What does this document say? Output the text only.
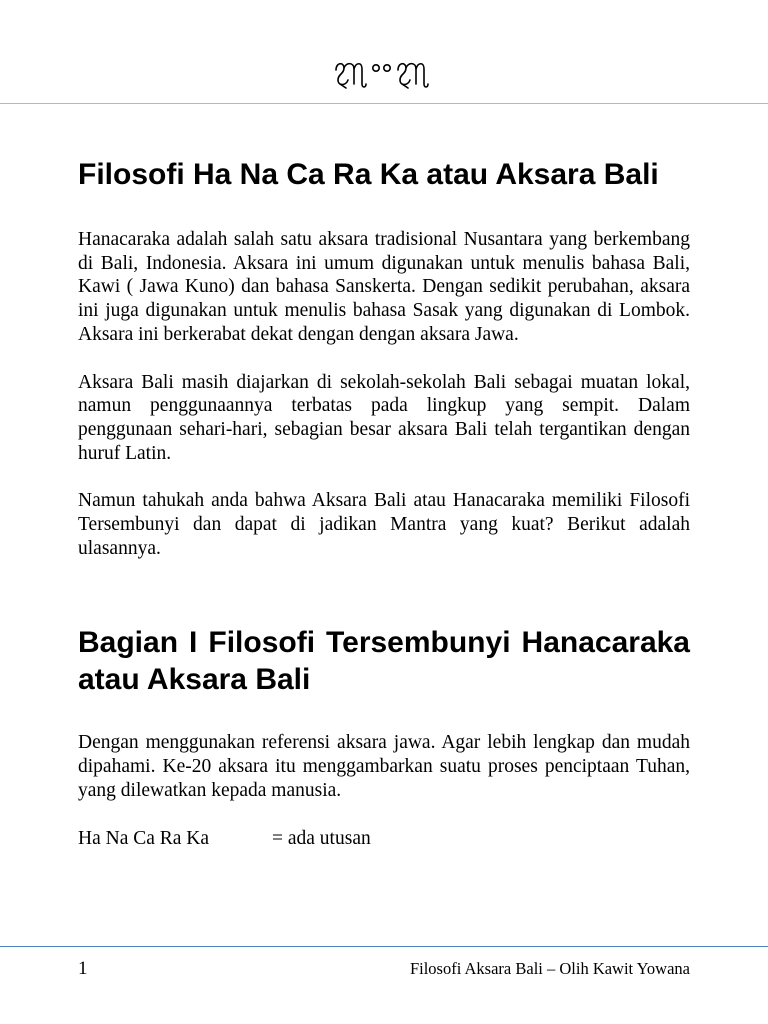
Filosofi Ha Na Ca Ra Ka atau Aksara Bali

Hanacaraka adalah salah satu aksara tradisional Nusantara yang berkembang di Bali, Indonesia. Aksara ini umum digunakan untuk menulis bahasa Bali, Kawi ( Jawa Kuno) dan bahasa Sanskerta. Dengan sedikit perubahan, aksara ini juga digunakan untuk menulis bahasa Sasak yang digunakan di Lombok. Aksara ini berkerabat dekat dengan dengan aksara Jawa.

Aksara Bali masih diajarkan di sekolah-sekolah Bali sebagai muatan lokal, namun penggunaannya terbatas pada lingkup yang sempit. Dalam penggunaan sehari-hari, sebagian besar aksara Bali telah tergantikan dengan huruf Latin.

Namun tahukah anda bahwa Aksara Bali atau Hanacaraka memiliki Filosofi Tersembunyi dan dapat di jadikan Mantra yang kuat? Berikut adalah ulasannya.

Bagian I Filosofi Tersembunyi Hanacaraka atau Aksara Bali

Dengan menggunakan referensi aksara jawa. Agar lebih lengkap dan mudah dipahami. Ke-20 aksara itu menggambarkan suatu proses penciptaan Tuhan, yang dilewatkan kepada manusia.

Ha Na Ca Ra Ka	= ada utusan
1	Filosofi Aksara Bali – Olih Kawit Yowana
